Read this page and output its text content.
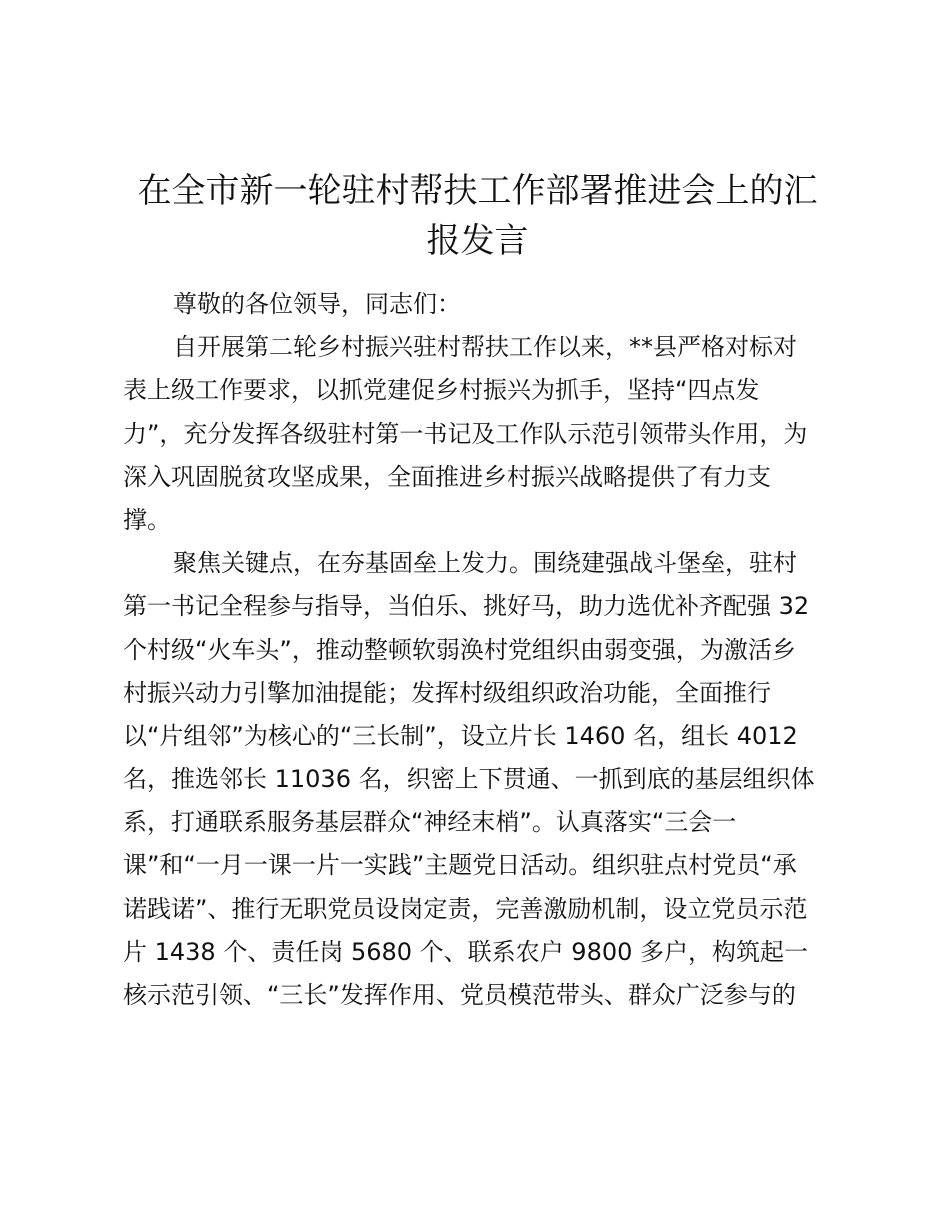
在全市新一轮驻村帮扶工作部署推进会上的汇
报发言
尊敬的各位领导，同志们：
自开展第二轮乡村振兴驻村帮扶工作以来，**县严格对标对
表上级工作要求，以抓党建促乡村振兴为抓手，坚持“四点发
力”，充分发挥各级驻村第一书记及工作队示范引领带头作用，为
深入巩固脱贫攻坚成果，全面推进乡村振兴战略提供了有力支
撑。
聚焦关键点，在夯基固垒上发力。围绕建强战斗堡垒，驻村
第一书记全程参与指导，当伯乐、挑好马，助力选优补齐配强 32
个村级“火车头”，推动整顿软弱涣村党组织由弱变强，为激活乡
村振兴动力引擎加油提能；发挥村级组织政治功能，全面推行
以“片组邻”为核心的“三长制”，设立片长 1460 名，组长 4012
名，推选邻长 11036 名，织密上下贯通、一抓到底的基层组织体
系，打通联系服务基层群众“神经末梢”。认真落实“三会一
课”和“一月一课一片一实践”主题党日活动。组织驻点村党员“承
诺践诺”、推行无职党员设岗定责，完善激励机制，设立党员示范
片 1438 个、责任岗 5680 个、联系农户 9800 多户，构筑起一
核示范引领、“三长”发挥作用、党员模范带头、群众广泛参与的
